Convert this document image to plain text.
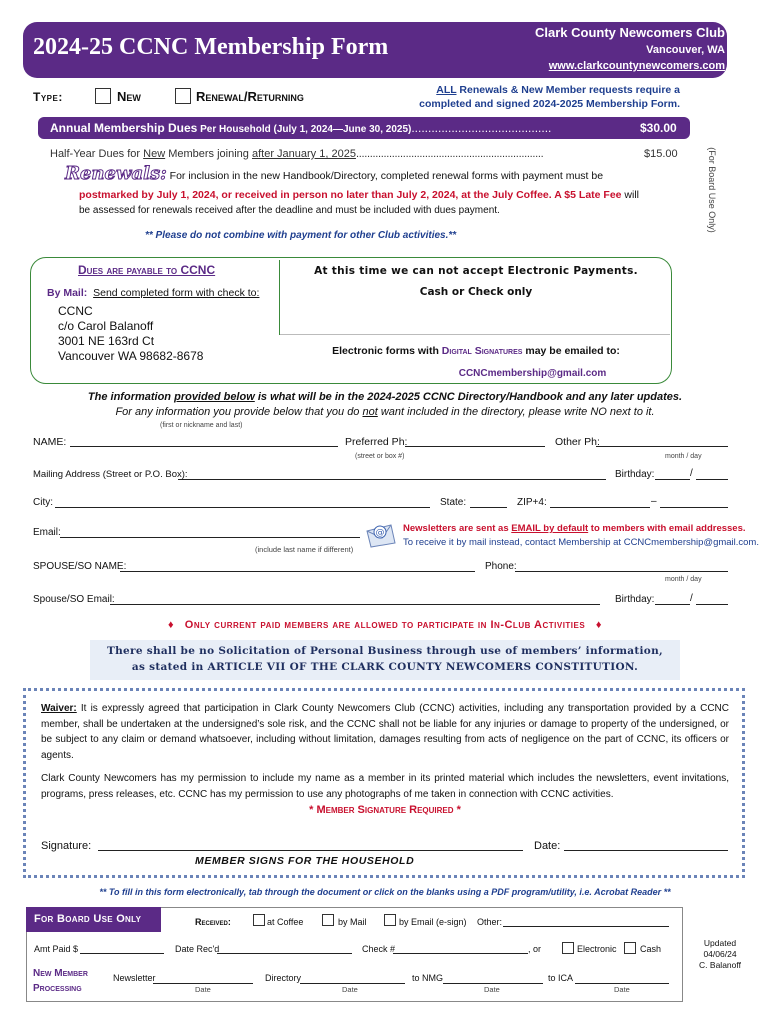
2024-25 CCNC Membership Form
Clark County Newcomers Club
Vancouver, WA
www.clarkcountynewcomers.com
Type:	New	Renewal/Returning	ALL Renewals & New Member requests require a
completed and signed 2024-2025 Membership Form.
Annual Membership Dues Per Household (July 1, 2024—June 30, 2025)..........................................	$30.00
Half-Year Dues for New Members joining after January 1, 2025....................................................................	$15.00	(For Board Use Only)
Renewals: For inclusion in the new Handbook/Directory, completed renewal forms with payment must be
postmarked by July 1, 2024, or received in person no later than July 2, 2024, at the July Coffee. A $5 Late Fee will
be assessed for renewals received after the deadline and must be included with dues payment.
** Please do not combine with payment for other Club activities.**
Dues are payable to CCNC
By Mail: Send completed form with check to:
CCNC
c/o Carol Balanoff
3001 NE 163rd Ct
Vancouver WA 98682-8678
At this time we can not accept Electronic Payments.
Cash or Check only
Electronic forms with Digital Signatures may be emailed to:
CCNCmembership@gmail.com
The information provided below is what will be in the 2024-2025 CCNC Directory/Handbook and any later updates.
For any information you provide below that you do not want included in the directory, please write NO next to it.
(first or nickname and last)
NAME:	Preferred Ph:	Other Ph:
(street or box #)	month / day
Mailing Address (Street or P.O. Box):	Birthday:	/
City:	State:	ZIP+4:	–
Email:
(include last name if different)
@ Newsletters are sent as EMAIL by default to members with email addresses.
To receive it by mail instead, contact Membership at CCNCmembership@gmail.com.
SPOUSE/SO NAME:	Phone:
month / day
Spouse/SO Email:	Birthday:	/
♦ Only current paid members are allowed to participate in In-Club Activities ♦
There shall be no Solicitation of Personal Business through use of members’ information,
as stated in ARTICLE VII OF THE CLARK COUNTY NEWCOMERS CONSTITUTION.
Waiver: It is expressly agreed that participation in Clark County Newcomers Club (CCNC) activities, including any transportation provided by a CCNC member, shall be undertaken at the undersigned’s sole risk, and the CCNC shall not be liable for any injuries or damage to property of the undersigned, or be subject to any claim or demand whatsoever, including without limitation, damages resulting from acts of negligence on the part of CCNC, its officers or agents.
Clark County Newcomers has my permission to include my name as a member in its printed material which includes the newsletters, event invitations, programs, press releases, etc. CCNC has my permission to use any photographs of me taken in connection with CCNC activities.
* Member Signature Required *
Signature:	Date:
MEMBER SIGNS FOR THE HOUSEHOLD
** To fill in this form electronically, tab through the document or click on the blanks using a PDF program/utility, i.e. Acrobat Reader **
For Board Use Only	Received:	at Coffee	by Mail	by Email (e-sign) Other:
Amt Paid $	Date Rec'd	Check #	, or	Electronic	Cash
New Member
Processing
Newsletter
Date
Directory
Date
to NMG
Date
to ICA
Date
Updated
04/06/24
C. Balanoff
